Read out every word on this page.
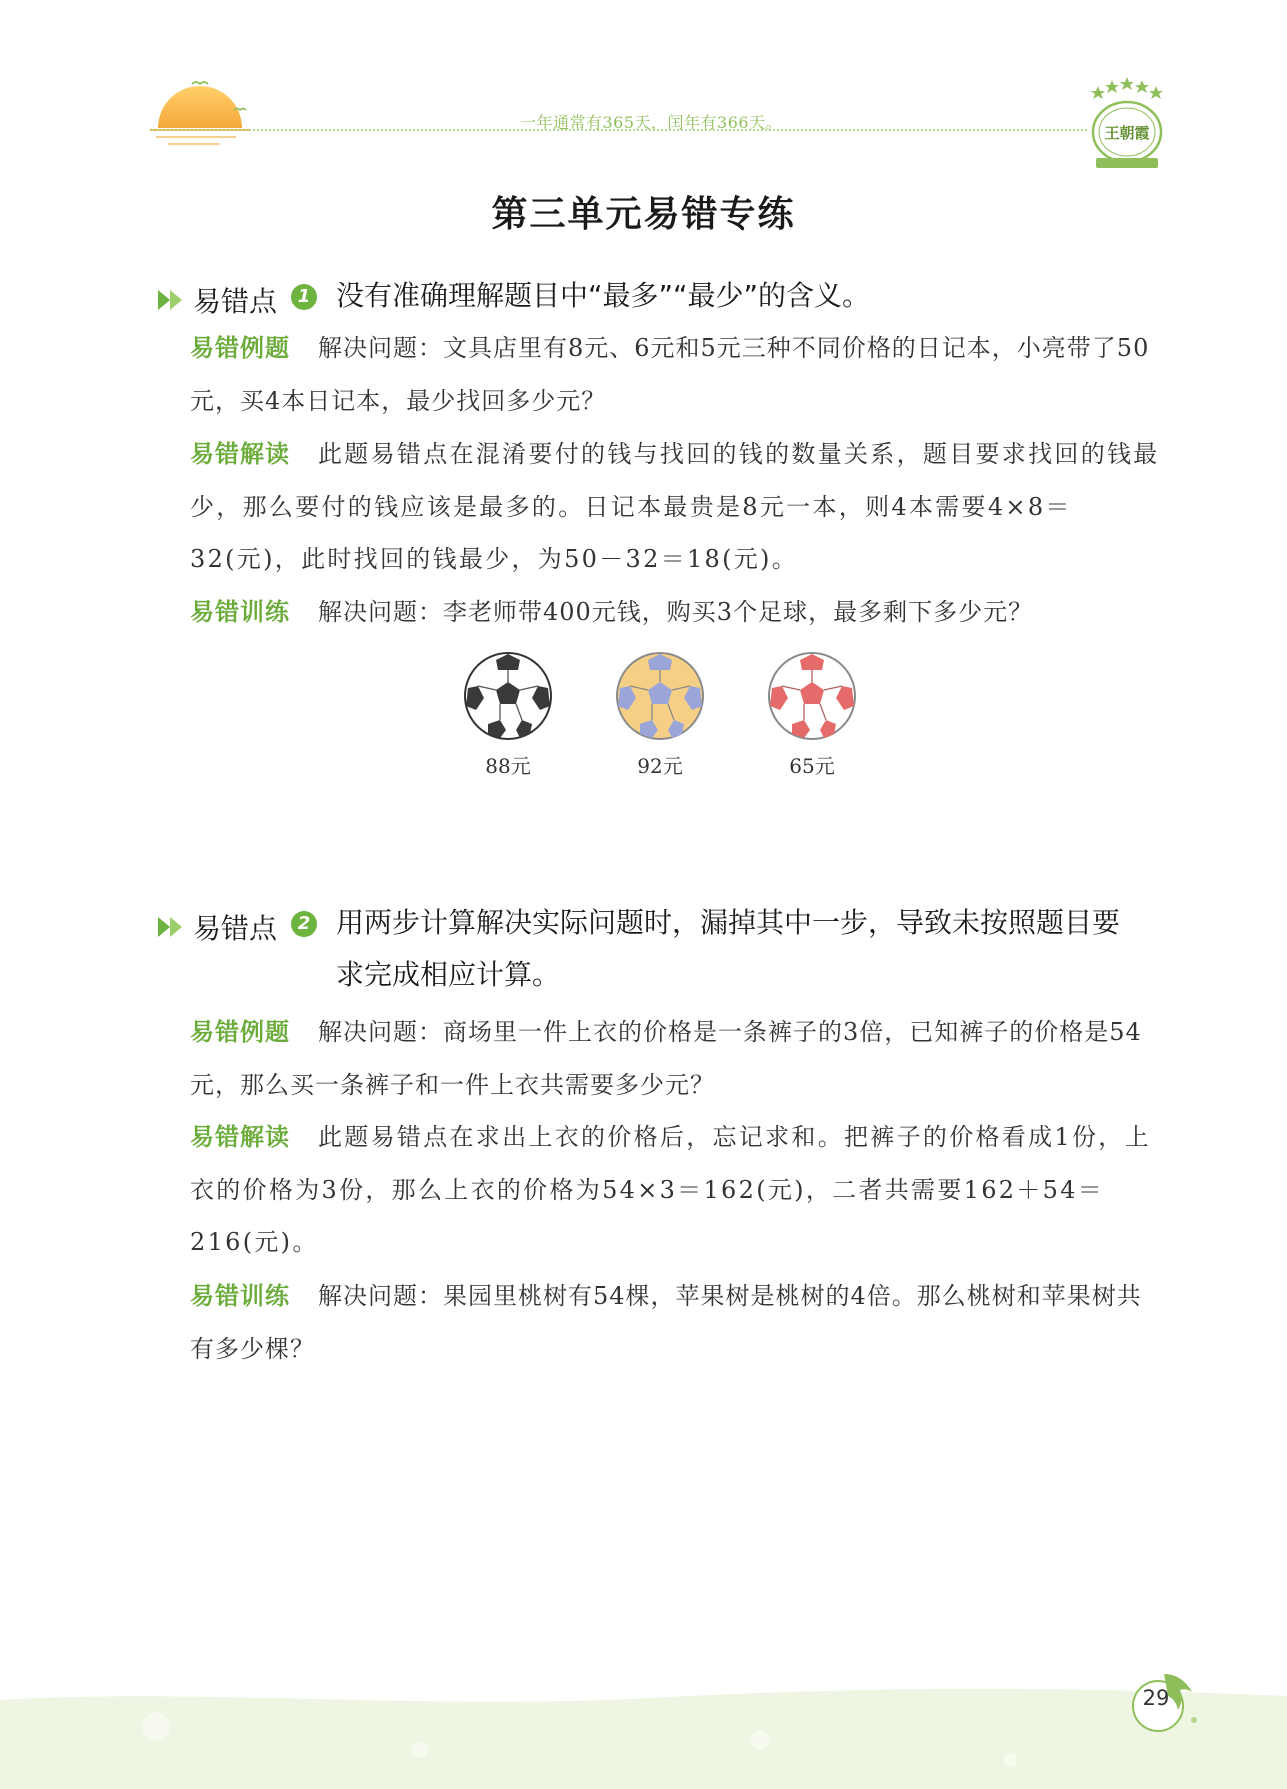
一年通常有365天，闰年有366天。
王朝霞
第三单元易错专练
易错点	1 没有准确理解题目中“最多”“最少”的含义。
易错例题 解决问题：文具店里有8元、6元和5元三种不同价格的日记本，小亮带了50元，买4本日记本，最少找回多少元？
易错解读 此题易错点在混淆要付的钱与找回的钱的数量关系，题目要求找回的钱最少，那么要付的钱应该是最多的。日记本最贵是8元一本，则4本需要4×8＝32(元)，此时找回的钱最少，为50－32＝18(元)。
易错训练 解决问题：李老师带400元钱，购买3个足球，最多剩下多少元？
88元	92元	65元
易错点	2 用两步计算解决实际问题时，漏掉其中一步，导致未按照题目要求完成相应计算。
易错例题 解决问题：商场里一件上衣的价格是一条裤子的3倍，已知裤子的价格是54元，那么买一条裤子和一件上衣共需要多少元？
易错解读 此题易错点在求出上衣的价格后，忘记求和。把裤子的价格看成1份，上衣的价格为3份，那么上衣的价格为54×3＝162(元)，二者共需要162＋54＝216(元)。
易错训练 解决问题：果园里桃树有54棵，苹果树是桃树的4倍。那么桃树和苹果树共有多少棵？
29
